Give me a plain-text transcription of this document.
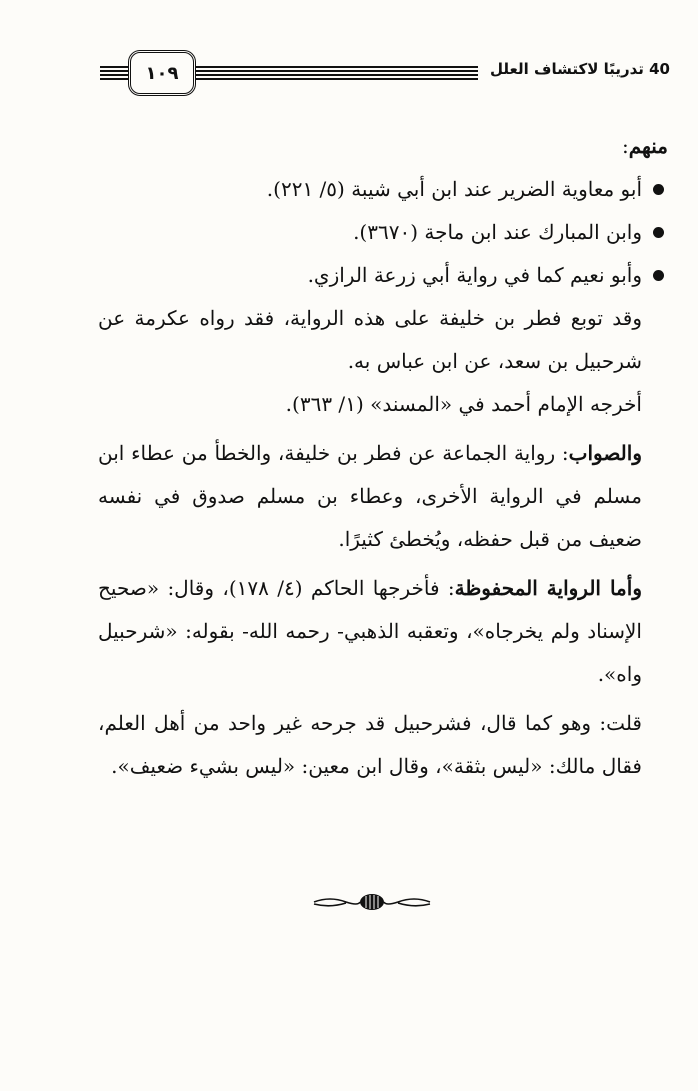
١٠٩	40 تدريبًا لاكتشاف العلل

منهم:

أبو معاوية الضرير عند ابن أبي شيبة (٥/ ٢٢١).
وابن المبارك عند ابن ماجة (٣٦٧٠).
وأبو نعيم كما في رواية أبي زرعة الرازي.

وقد توبع فطر بن خليفة على هذه الرواية، فقد رواه عكرمة عن شرحبيل بن سعد، عن ابن عباس به.

أخرجه الإمام أحمد في «المسند» (١/ ٣٦٣).

والصواب: رواية الجماعة عن فطر بن خليفة، والخطأ من عطاء ابن مسلم في الرواية الأخرى، وعطاء بن مسلم صدوق في نفسه ضعيف من قبل حفظه، ويُخطئ كثيرًا.

وأما الرواية المحفوظة: فأخرجها الحاكم (٤/ ١٧٨)، وقال: «صحيح الإسناد ولم يخرجاه»، وتعقبه الذهبي- رحمه الله- بقوله: «شرحبيل واه».

قلت: وهو كما قال، فشرحبيل قد جرحه غير واحد من أهل العلم، فقال مالك: «ليس بثقة»، وقال ابن معين: «ليس بشيء ضعيف».
